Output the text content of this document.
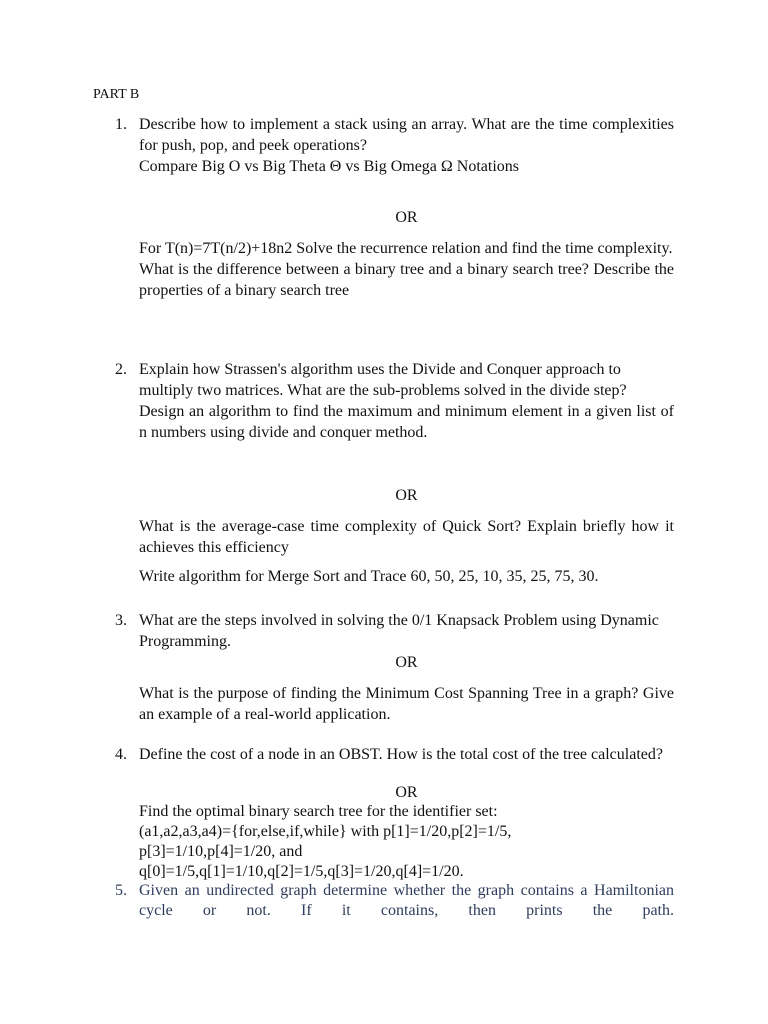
PART B
1. Describe how to implement a stack using an array. What are the time complexities for push, pop, and peek operations?

Compare Big O vs Big Theta Θ vs Big Omega Ω Notations

OR

For T(n)=7T(n/2)+18n2 Solve the recurrence relation and find the time complexity.

What is the difference between a binary tree and a binary search tree? Describe the properties of a binary search tree

2. Explain how Strassen's algorithm uses the Divide and Conquer approach to multiply two matrices. What are the sub-problems solved in the divide step?

Design an algorithm to find the maximum and minimum element in a given list of n numbers using divide and conquer method.

OR

What is the average-case time complexity of Quick Sort? Explain briefly how it achieves this efficiency

Write algorithm for Merge Sort and Trace 60, 50, 25, 10, 35, 25, 75, 30.

3. What are the steps involved in solving the 0/1 Knapsack Problem using Dynamic Programming.

OR

What is the purpose of finding the Minimum Cost Spanning Tree in a graph? Give an example of a real-world application.

4. Define the cost of a node in an OBST. How is the total cost of the tree calculated?

OR

Find the optimal binary search tree for the identifier set:

(a1,a2,a3,a4)={for,else,if,while} with p[1]=1/20,p[2]=1/5,

p[3]=1/10,p[4]=1/20, and

q[0]=1/5,q[1]=1/10,q[2]=1/5,q[3]=1/20,q[4]=1/20.

5. Given an undirected graph determine whether the graph contains a Hamiltonian cycle or not. If it contains, then prints the path.
